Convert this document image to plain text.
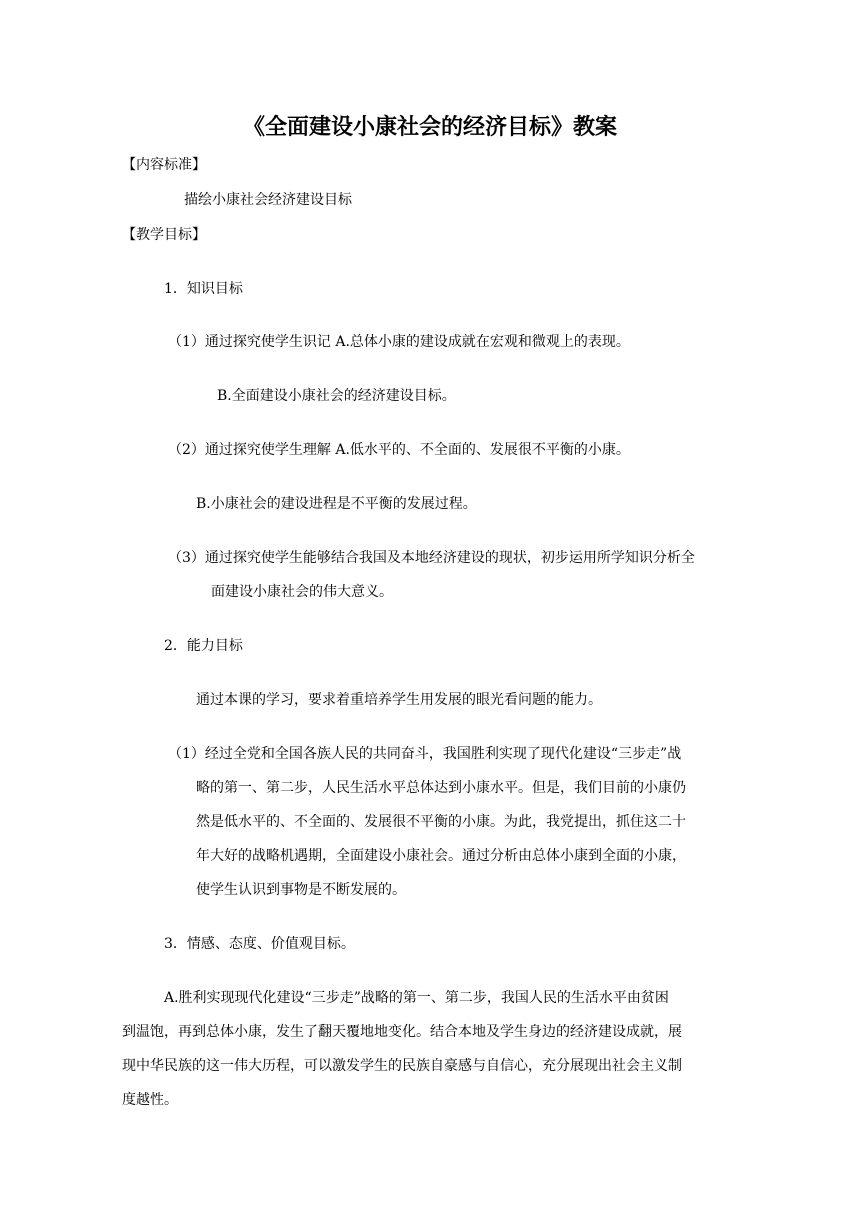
《全面建设小康社会的经济目标》教案
【内容标准】
描绘小康社会经济建设目标
【教学目标】
1．知识目标
（1）通过探究使学生识记 A.总体小康的建设成就在宏观和微观上的表现。
B.全面建设小康社会的经济建设目标。
（2）通过探究使学生理解 A.低水平的、不全面的、发展很不平衡的小康。
B.小康社会的建设进程是不平衡的发展过程。
（3）通过探究使学生能够结合我国及本地经济建设的现状，初步运用所学知识分析全
面建设小康社会的伟大意义。
2．能力目标
通过本课的学习，要求着重培养学生用发展的眼光看问题的能力。
（1）经过全党和全国各族人民的共同奋斗，我国胜利实现了现代化建设“三步走”战
略的第一、第二步，人民生活水平总体达到小康水平。但是，我们目前的小康仍
然是低水平的、不全面的、发展很不平衡的小康。为此，我党提出，抓住这二十
年大好的战略机遇期，全面建设小康社会。通过分析由总体小康到全面的小康，
使学生认识到事物是不断发展的。
3．情感、态度、价值观目标。
A.胜利实现现代化建设“三步走”战略的第一、第二步，我国人民的生活水平由贫困
到温饱，再到总体小康，发生了翻天覆地地变化。结合本地及学生身边的经济建设成就，展
现中华民族的这一伟大历程，可以激发学生的民族自豪感与自信心，充分展现出社会主义制
度越性。
